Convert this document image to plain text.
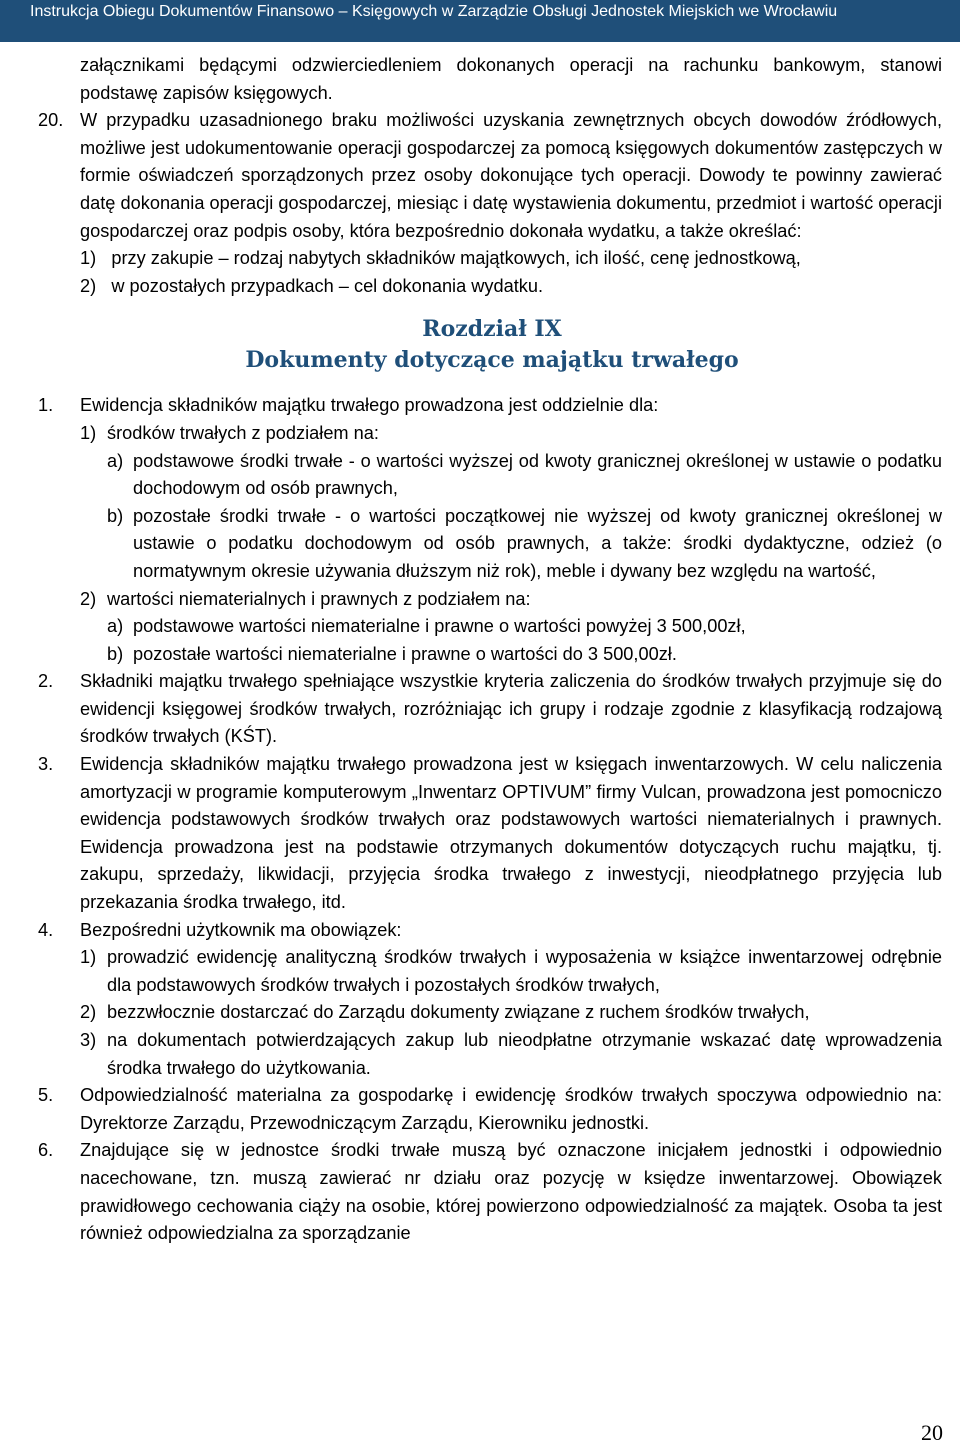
Instrukcja Obiegu Dokumentów Finansowo – Księgowych w Zarządzie Obsługi Jednostek Miejskich we Wrocławiu
załącznikami będącymi odzwierciedleniem dokonanych operacji na rachunku bankowym, stanowi podstawę zapisów księgowych.
20. W przypadku uzasadnionego braku możliwości uzyskania zewnętrznych obcych dowodów źródłowych, możliwe jest udokumentowanie operacji gospodarczej za pomocą księgowych dokumentów zastępczych w formie oświadczeń sporządzonych przez osoby dokonujące tych operacji. Dowody te powinny zawierać datę dokonania operacji gospodarczej, miesiąc i datę wystawienia dokumentu, przedmiot i wartość operacji gospodarczej oraz podpis osoby, która bezpośrednio dokonała wydatku, a także określać:
1) przy zakupie – rodzaj nabytych składników majątkowych, ich ilość, cenę jednostkową,
2) w pozostałych przypadkach – cel dokonania wydatku.
Rozdział IX
Dokumenty dotyczące majątku trwałego
1. Ewidencja składników majątku trwałego prowadzona jest oddzielnie dla:
1) środków trwałych z podziałem na:
a) podstawowe środki trwałe - o wartości wyższej od kwoty granicznej określonej w ustawie o podatku dochodowym od osób prawnych,
b) pozostałe środki trwałe - o wartości początkowej nie wyższej od kwoty granicznej określonej w ustawie o podatku dochodowym od osób prawnych, a także: środki dydaktyczne, odzież (o normatywnym okresie używania dłuższym niż rok), meble i dywany bez względu na wartość,
2) wartości niematerialnych i prawnych z podziałem na:
a) podstawowe wartości niematerialne i prawne o wartości powyżej 3 500,00zł,
b) pozostałe wartości niematerialne i prawne o wartości do 3 500,00zł.
2. Składniki majątku trwałego spełniające wszystkie kryteria zaliczenia do środków trwałych przyjmuje się do ewidencji księgowej środków trwałych, rozróżniając ich grupy i rodzaje zgodnie z klasyfikacją rodzajową środków trwałych (KŚT).
3. Ewidencja składników majątku trwałego prowadzona jest w księgach inwentarzowych. W celu naliczenia amortyzacji w programie komputerowym „Inwentarz OPTIVUM” firmy Vulcan, prowadzona jest pomocniczo ewidencja podstawowych środków trwałych oraz podstawowych wartości niematerialnych i prawnych. Ewidencja prowadzona jest na podstawie otrzymanych dokumentów dotyczących ruchu majątku, tj. zakupu, sprzedaży, likwidacji, przyjęcia środka trwałego z inwestycji, nieodpłatnego przyjęcia lub przekazania środka trwałego, itd.
4. Bezpośredni użytkownik ma obowiązek:
1) prowadzić ewidencję analityczną środków trwałych i wyposażenia w książce inwentarzowej odrębnie dla podstawowych środków trwałych i pozostałych środków trwałych,
2) bezzwłocznie dostarczać do Zarządu dokumenty związane z ruchem środków trwałych,
3) na dokumentach potwierdzających zakup lub nieodpłatne otrzymanie wskazać datę wprowadzenia środka trwałego do użytkowania.
5. Odpowiedzialność materialna za gospodarkę i ewidencję środków trwałych spoczywa odpowiednio na: Dyrektorze Zarządu, Przewodniczącym Zarządu, Kierowniku jednostki.
6. Znajdujące się w jednostce środki trwałe muszą być oznaczone inicjałem jednostki i odpowiednio nacechowane, tzn. muszą zawierać nr działu oraz pozycję w księdze inwentarzowej. Obowiązek prawidłowego cechowania ciąży na osobie, której powierzono odpowiedzialność za majątek. Osoba ta jest również odpowiedzialna za sporządzanie
20
